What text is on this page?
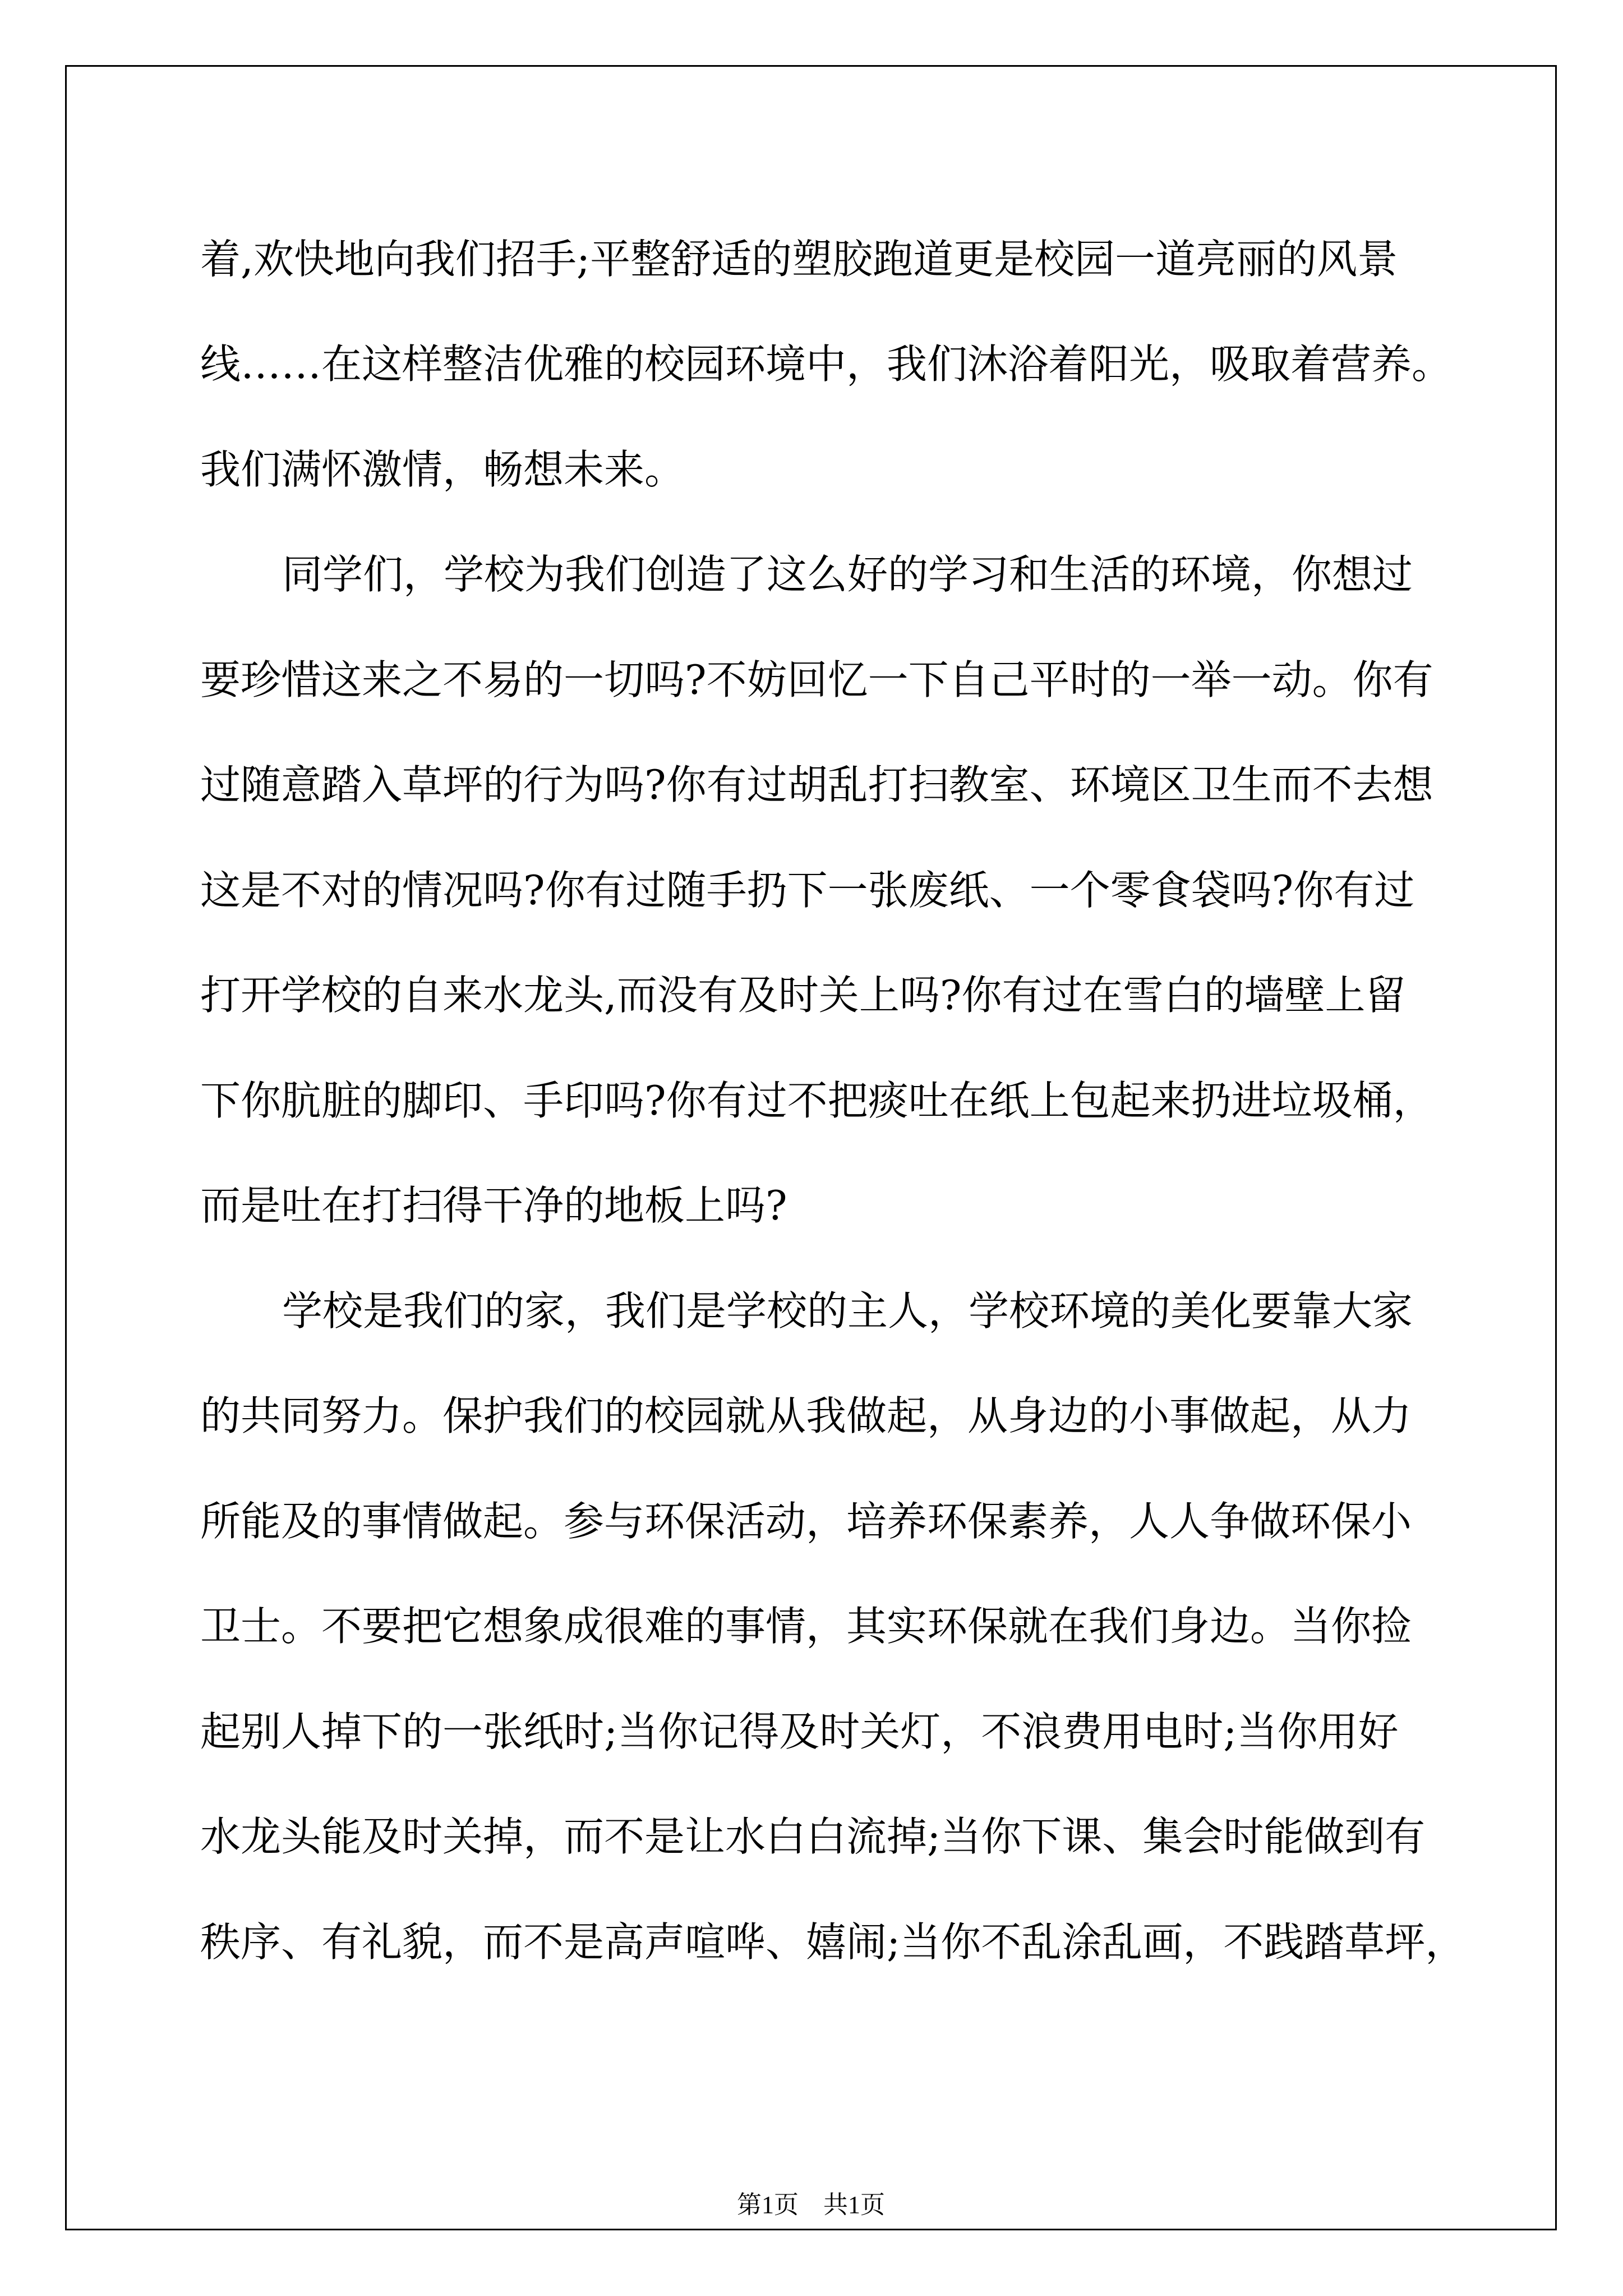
着,欢快地向我们招手;平整舒适的塑胶跑道更是校园一道亮丽的风景
线……在这样整洁优雅的校园环境中，我们沐浴着阳光，吸取着营养。
我们满怀激情，畅想未来。
同学们，学校为我们创造了这么好的学习和生活的环境，你想过
要珍惜这来之不易的一切吗?不妨回忆一下自己平时的一举一动。你有
过随意踏入草坪的行为吗?你有过胡乱打扫教室、环境区卫生而不去想
这是不对的情况吗?你有过随手扔下一张废纸、一个零食袋吗?你有过
打开学校的自来水龙头,而没有及时关上吗?你有过在雪白的墙壁上留
下你肮脏的脚印、手印吗?你有过不把痰吐在纸上包起来扔进垃圾桶，
而是吐在打扫得干净的地板上吗?
学校是我们的家，我们是学校的主人，学校环境的美化要靠大家
的共同努力。保护我们的校园就从我做起，从身边的小事做起，从力
所能及的事情做起。参与环保活动，培养环保素养，人人争做环保小
卫士。不要把它想象成很难的事情，其实环保就在我们身边。当你捡
起别人掉下的一张纸时;当你记得及时关灯，不浪费用电时;当你用好
水龙头能及时关掉，而不是让水白白流掉;当你下课、集会时能做到有
秩序、有礼貌，而不是高声喧哗、嬉闹;当你不乱涂乱画，不践踏草坪，
第1页　共1页
